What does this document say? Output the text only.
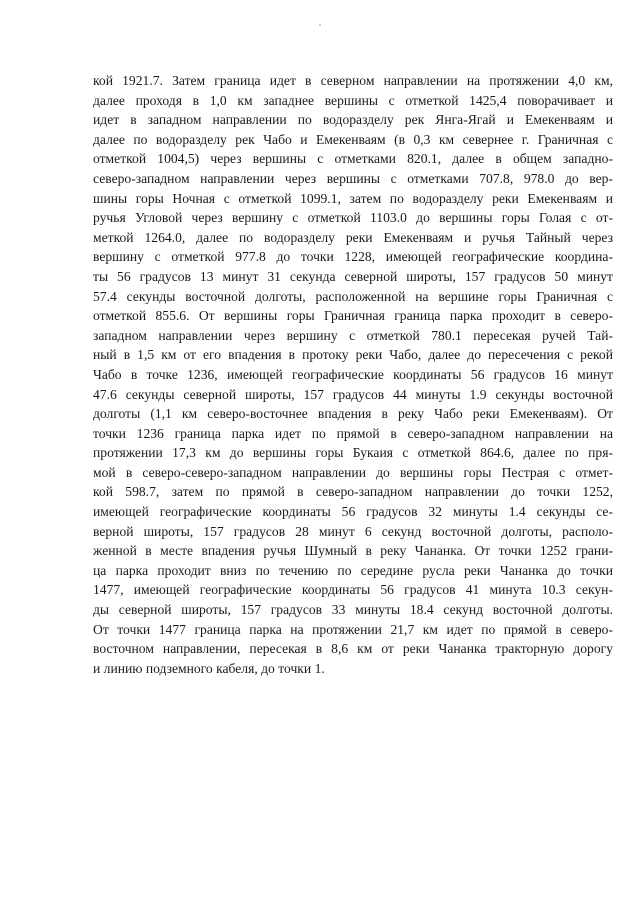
кой 1921.7. Затем граница идет в северном направлении на протяжении 4,0 км,
далее проходя в 1,0 км западнее вершины с отметкой 1425,4 поворачивает и
идет в западном направлении по водоразделу рек Янга-Ягай и Емекенваям и
далее по водоразделу рек Чабо и Емекенваям (в 0,3 км севернее г. Граничная с
отметкой 1004,5) через вершины с отметками 820.1, далее в общем западно-
северо-западном направлении через вершины с отметками 707.8, 978.0 до вер-
шины горы Ночная с отметкой 1099.1, затем по водоразделу реки Емекенваям и
ручья Угловой через вершину с отметкой 1103.0 до вершины горы Голая с от-
меткой 1264.0, далее по водоразделу реки Емекенваям и ручья Тайный через
вершину с отметкой 977.8 до точки 1228, имеющей географические координа-
ты 56 градусов 13 минут 31 секунда северной широты, 157 градусов 50 минут
57.4 секунды восточной долготы, расположенной на вершине горы Граничная с
отметкой 855.6. От вершины горы Граничная граница парка проходит в северо-
западном направлении через вершину с отметкой 780.1 пересекая ручей Тай-
ный в 1,5 км от его впадения в протоку реки Чабо, далее до пересечения с рекой
Чабо в точке 1236, имеющей географические координаты 56 градусов 16 минут
47.6 секунды северной широты, 157 градусов 44 минуты 1.9 секунды восточной
долготы (1,1 км северо-восточнее впадения в реку Чабо реки Емекенваям). От
точки 1236 граница парка идет по прямой в северо-западном направлении на
протяжении 17,3 км до вершины горы Букаия с отметкой 864.6, далее по пря-
мой в северо-северо-западном направлении до вершины горы Пестрая с отмет-
кой 598.7, затем по прямой в северо-западном направлении до точки 1252,
имеющей географические координаты 56 градусов 32 минуты 1.4 секунды се-
верной широты, 157 градусов 28 минут 6 секунд восточной долготы, располо-
женной в месте впадения ручья Шумный в реку Чананка. От точки 1252 грани-
ца парка проходит вниз по течению по середине русла реки Чананка до точки
1477, имеющей географические координаты 56 градусов 41 минута 10.3 секун-
ды северной широты, 157 градусов 33 минуты 18.4 секунд восточной долготы.
От точки 1477 граница парка на протяжении 21,7 км идет по прямой в северо-
восточном направлении, пересекая в 8,6 км от реки Чананка тракторную дорогу
и линию подземного кабеля, до точки 1.
